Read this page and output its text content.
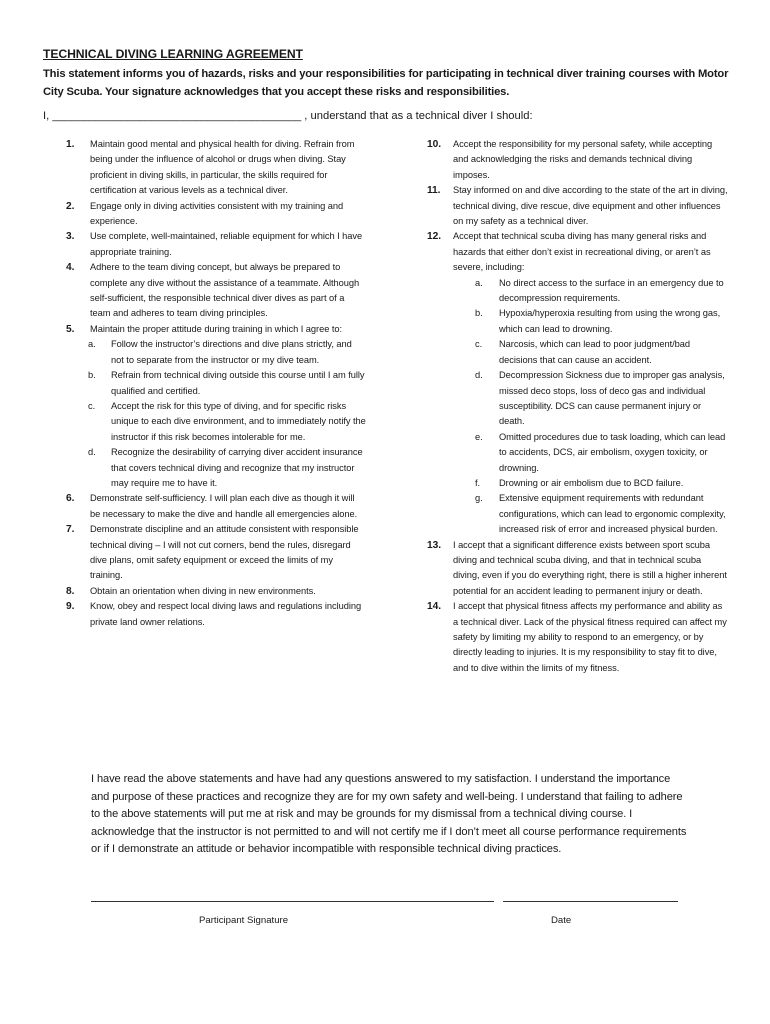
TECHNICAL DIVING LEARNING AGREEMENT
This statement informs you of hazards, risks and your responsibilities for participating in technical diver training courses with Motor City Scuba. Your signature acknowledges that you accept these risks and responsibilities.
I, ________________________________________ , understand that as a technical diver I should:
1. Maintain good mental and physical health for diving. Refrain from being under the influence of alcohol or drugs when diving. Stay proficient in diving skills, in particular, the skills required for certification at various levels as a technical diver.
2. Engage only in diving activities consistent with my training and experience.
3. Use complete, well-maintained, reliable equipment for which I have appropriate training.
4. Adhere to the team diving concept, but always be prepared to complete any dive without the assistance of a teammate. Although self-sufficient, the responsible technical diver dives as part of a team and adheres to team diving principles.
5. Maintain the proper attitude during training in which I agree to:
a. Follow the instructor’s directions and dive plans strictly, and not to separate from the instructor or my dive team.
b. Refrain from technical diving outside this course until I am fully qualified and certified.
c. Accept the risk for this type of diving, and for specific risks unique to each dive environment, and to immediately notify the instructor if this risk becomes intolerable for me.
d. Recognize the desirability of carrying diver accident insurance that covers technical diving and recognize that my instructor may require me to have it.
6. Demonstrate self-sufficiency. I will plan each dive as though it will be necessary to make the dive and handle all emergencies alone.
7. Demonstrate discipline and an attitude consistent with responsible technical diving – I will not cut corners, bend the rules, disregard dive plans, omit safety equipment or exceed the limits of my training.
8. Obtain an orientation when diving in new environments.
9. Know, obey and respect local diving laws and regulations including private land owner relations.
10. Accept the responsibility for my personal safety, while accepting and acknowledging the risks and demands technical diving imposes.
11. Stay informed on and dive according to the state of the art in diving, technical diving, dive rescue, dive equipment and other influences on my safety as a technical diver.
12. Accept that technical scuba diving has many general risks and hazards that either don’t exist in recreational diving, or aren’t as severe, including:
a. No direct access to the surface in an emergency due to decompression requirements.
b. Hypoxia/hyperoxia resulting from using the wrong gas, which can lead to drowning.
c. Narcosis, which can lead to poor judgment/bad decisions that can cause an accident.
d. Decompression Sickness due to improper gas analysis, missed deco stops, loss of deco gas and individual susceptibility. DCS can cause permanent injury or death.
e. Omitted procedures due to task loading, which can lead to accidents, DCS, air embolism, oxygen toxicity, or drowning.
f. Drowning or air embolism due to BCD failure.
g. Extensive equipment requirements with redundant configurations, which can lead to ergonomic complexity, increased risk of error and increased physical burden.
13. I accept that a significant difference exists between sport scuba diving and technical scuba diving, and that in technical scuba diving, even if you do everything right, there is still a higher inherent potential for an accident leading to permanent injury or death.
14. I accept that physical fitness affects my performance and ability as a technical diver. Lack of the physical fitness required can affect my safety by limiting my ability to respond to an emergency, or by directly leading to injuries. It is my responsibility to stay fit to dive, and to dive within the limits of my fitness.
I have read the above statements and have had any questions answered to my satisfaction. I understand the importance and purpose of these practices and recognize they are for my own safety and well-being. I understand that failing to adhere to the above statements will put me at risk and may be grounds for my dismissal from a technical diving course. I acknowledge that the instructor is not permitted to and will not certify me if I don’t meet all course performance requirements or if I demonstrate an attitude or behavior incompatible with responsible technical diving practices.
Participant Signature	Date
